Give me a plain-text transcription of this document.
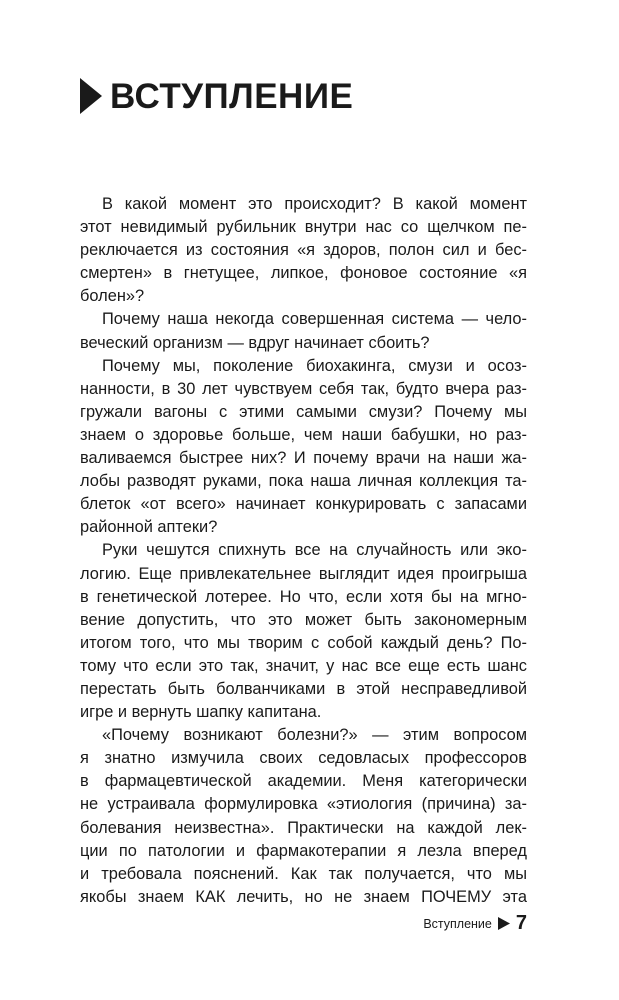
ВСТУПЛЕНИЕ
В какой момент это происходит? В какой момент
этот невидимый рубильник внутри нас со щелчком пе-
реключается из состояния «я здоров, полон сил и бес-
смертен» в гнетущее, липкое, фоновое состояние «я
болен»?
Почему наша некогда совершенная система — чело-
веческий организм — вдруг начинает сбоить?
Почему мы, поколение биохакинга, смузи и осоз-
нанности, в 30 лет чувствуем себя так, будто вчера раз-
гружали вагоны с этими самыми смузи? Почему мы
знаем о здоровье больше, чем наши бабушки, но раз-
валиваемся быстрее них? И почему врачи на наши жа-
лобы разводят руками, пока наша личная коллекция та-
блеток «от всего» начинает конкурировать с запасами
районной аптеки?
Руки чешутся спихнуть все на случайность или эко-
логию. Еще привлекательнее выглядит идея проигрыша
в генетической лотерее. Но что, если хотя бы на мгно-
вение допустить, что это может быть закономерным
итогом того, что мы творим с собой каждый день? По-
тому что если это так, значит, у нас все еще есть шанс
перестать быть болванчиками в этой несправедливой
игре и вернуть шапку капитана.
«Почему возникают болезни?» — этим вопросом
я знатно измучила своих седовласых профессоров
в фармацевтической академии. Меня категорически
не устраивала формулировка «этиология (причина) за-
болевания неизвестна». Практически на каждой лек-
ции по патологии и фармакотерапии я лезла вперед
и требовала пояснений. Как так получается, что мы
якобы знаем КАК лечить, но не знаем ПОЧЕМУ эта
Вступление 7
